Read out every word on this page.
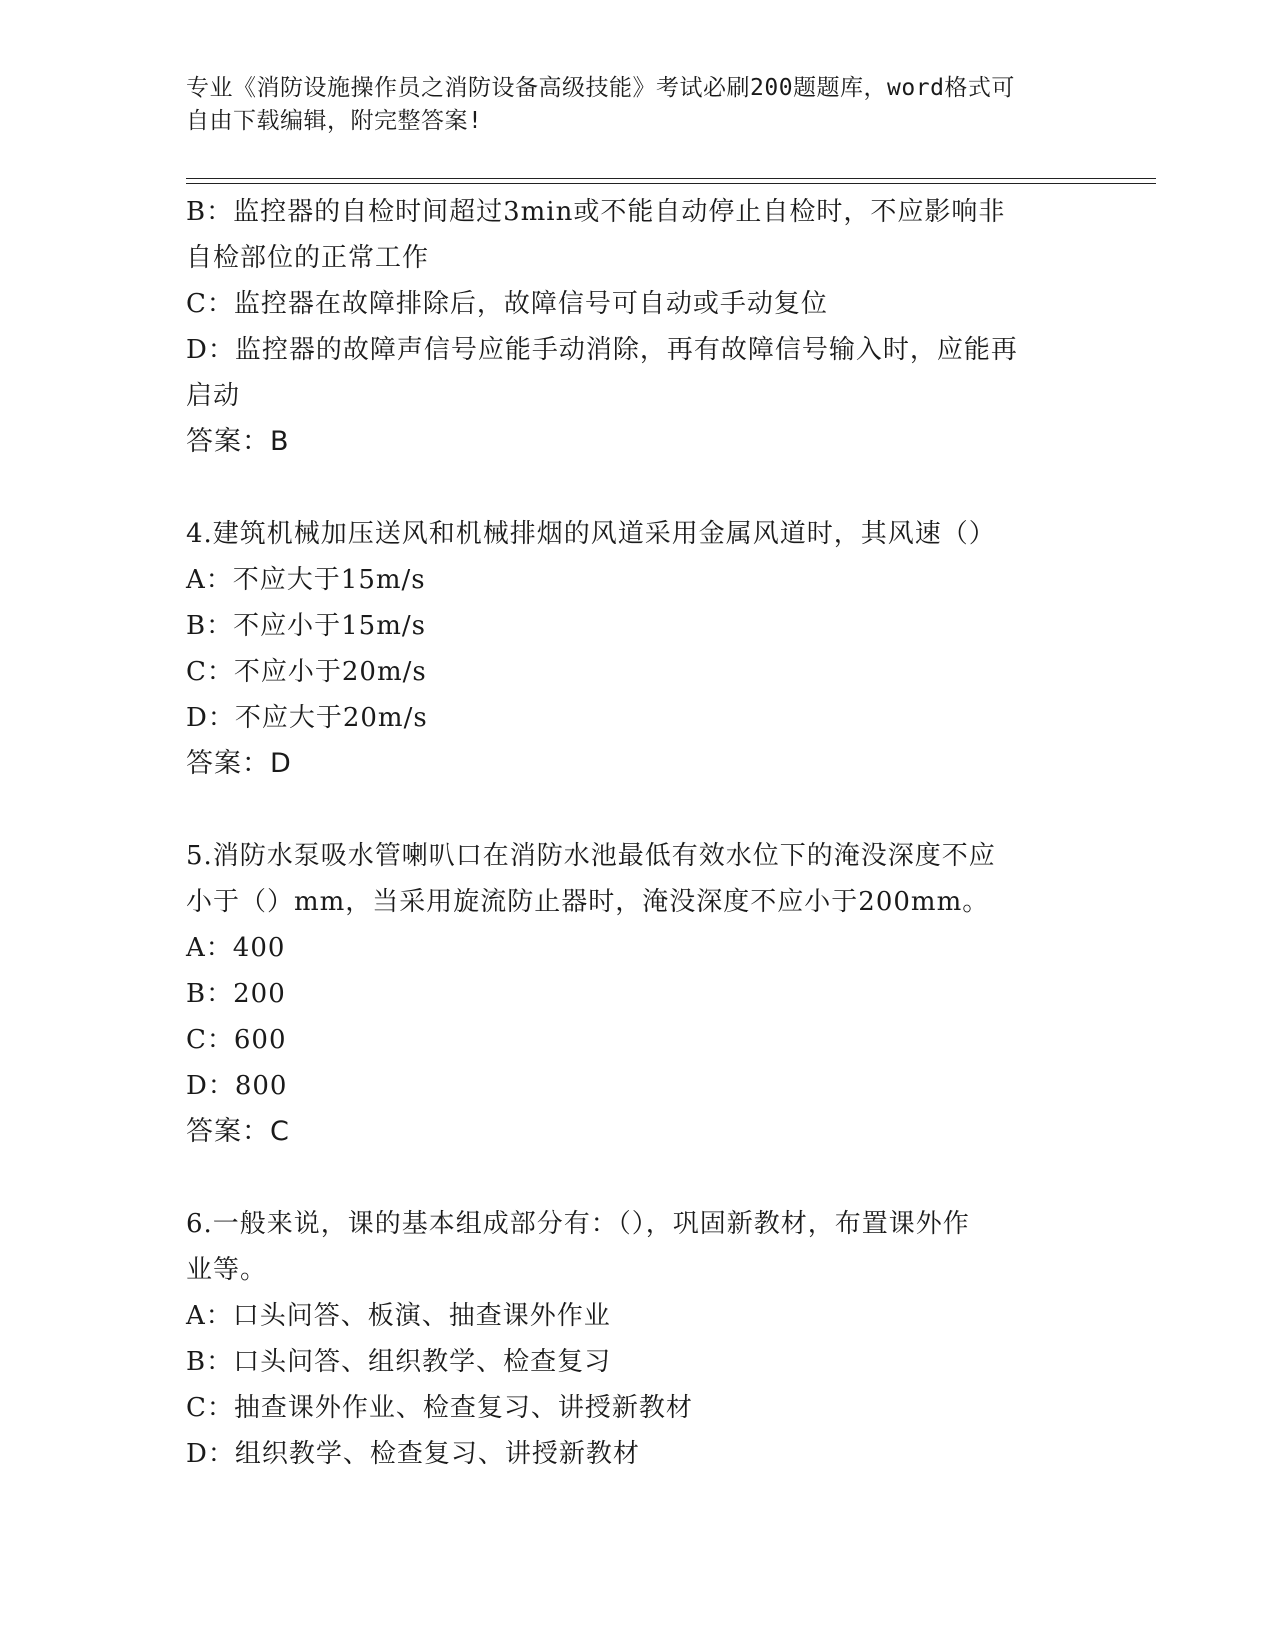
专业《消防设施操作员之消防设备高级技能》考试必刷200题题库，word格式可
自由下载编辑，附完整答案!

B：监控器的自检时间超过3min或不能自动停止自检时，不应影响非

自检部位的正常工作

C：监控器在故障排除后，故障信号可自动或手动复位

D：监控器的故障声信号应能手动消除，再有故障信号输入时，应能再

启动

答案：B

4.建筑机械加压送风和机械排烟的风道采用金属风道时，其风速（）

A：不应大于15m/s

B：不应小于15m/s

C：不应小于20m/s

D：不应大于20m/s

答案：D

5.消防水泵吸水管喇叭口在消防水池最低有效水位下的淹没深度不应

小于（）mm，当采用旋流防止器时，淹没深度不应小于200mm。

A：400

B：200

C：600

D：800

答案：C

6.一般来说，课的基本组成部分有：（），巩固新教材，布置课外作

业等。

A：口头问答、板演、抽查课外作业

B：口头问答、组织教学、检查复习

C：抽查课外作业、检查复习、讲授新教材

D：组织教学、检查复习、讲授新教材
